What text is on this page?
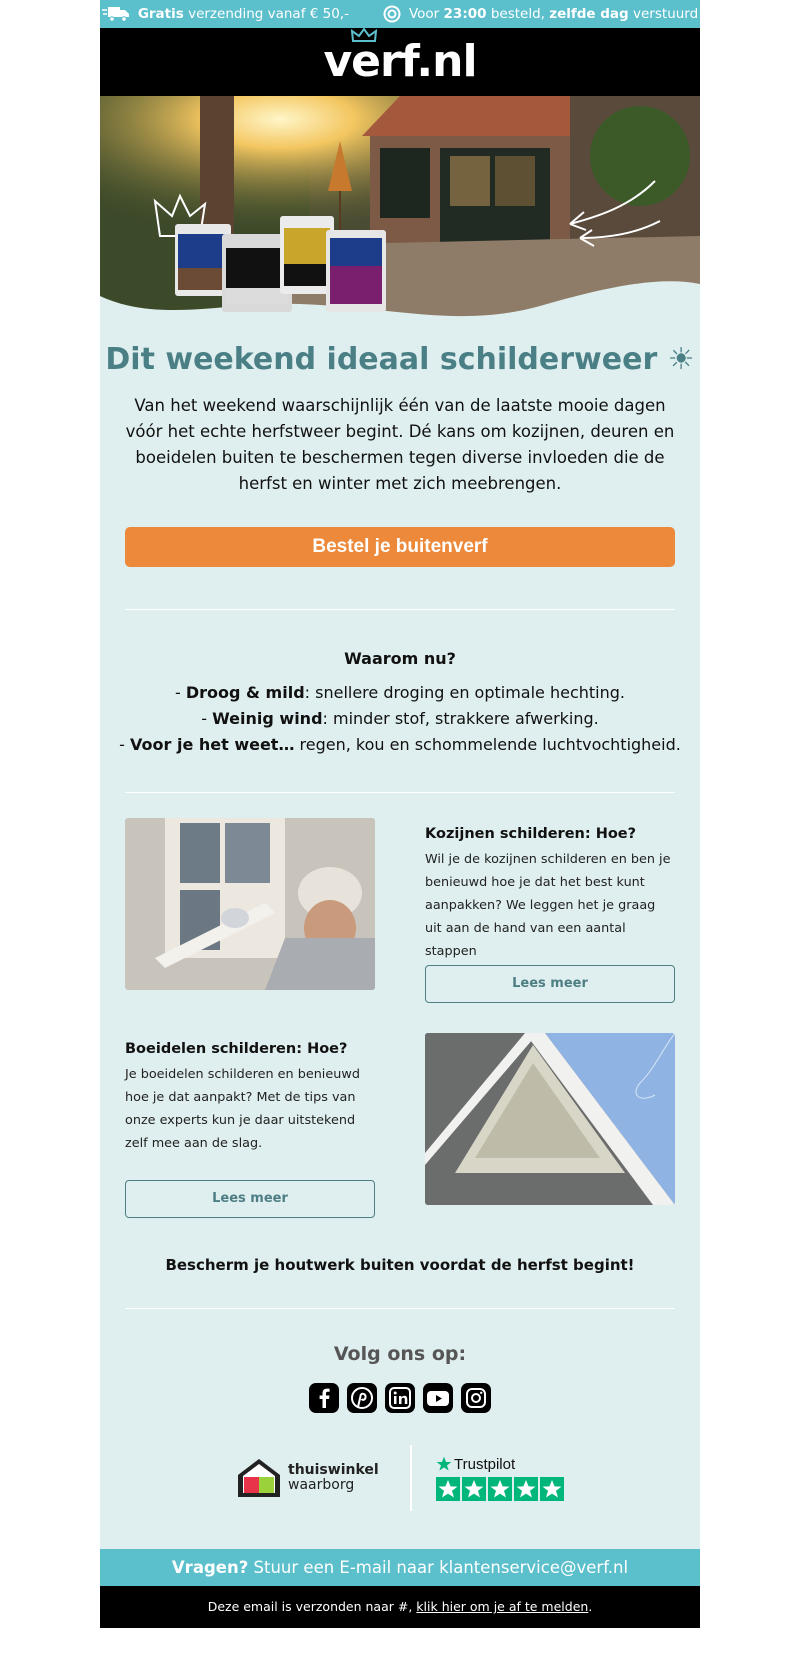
Gratis verzending vanaf € 50,-	Voor 23:00 besteld, zelfde dag verstuurd
verf.nl
Dit weekend ideaal schilderweer ☀

Van het weekend waarschijnlijk één van de laatste mooie dagen vóór het echte herfstweer begint. Dé kans om kozijnen, deuren en boeidelen buiten te beschermen tegen diverse invloeden die de herfst en winter met zich meebrengen.

Bestel je buitenverf
Waarom nu?
- Droog & mild: snellere droging en optimale hechting.
- Weinig wind: minder stof, strakkere afwerking.
- Voor je het weet… regen, kou en schommelende luchtvochtigheid.
Kozijnen schilderen: Hoe?

Wil je de kozijnen schilderen en ben je benieuwd hoe je dat het best kunt aanpakken? We leggen het je graag uit aan de hand van een aantal stappen

Lees meer
Boeidelen schilderen: Hoe?

Je boeidelen schilderen en benieuwd hoe je dat aanpakt? Met de tips van onze experts kun je daar uitstekend zelf mee aan de slag.

Lees meer
Bescherm je houtwerk buiten voordat de herfst begint!
Volg ons op:
thuiswinkel
waarborg
Trustpilot
Vragen? Stuur een E-mail naar klantenservice@verf.nl
Deze email is verzonden naar #, klik hier om je af te melden.
